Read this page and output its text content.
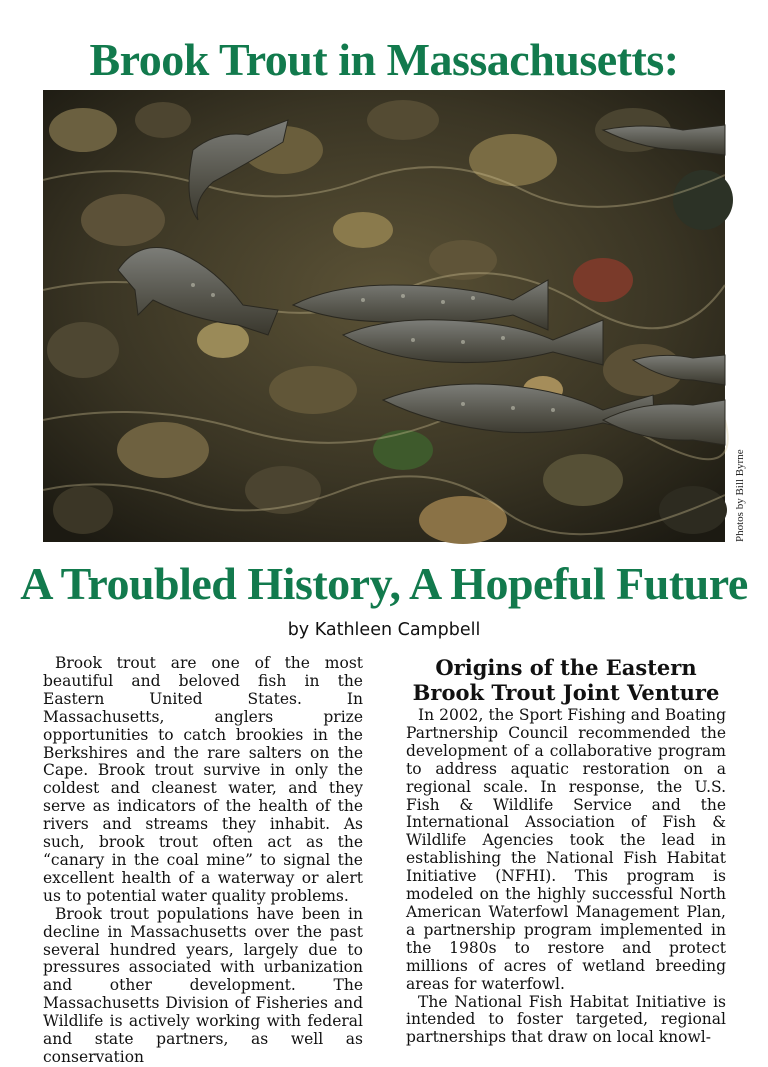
Brook Trout in Massachusetts:
Photos by Bill Byrne
A Troubled History, A Hopeful Future
by Kathleen Campbell

Brook trout are one of the most beautiful and beloved fish in the Eastern United States. In Massachusetts, anglers prize opportunities to catch brookies in the Berkshires and the rare salters on the Cape. Brook trout survive in only the coldest and cleanest water, and they serve as indicators of the health of the rivers and streams they inhabit. As such, brook trout often act as the “canary in the coal mine” to signal the excellent health of a waterway or alert us to potential water quality problems.

Brook trout populations have been in decline in Massachusetts over the past several hundred years, largely due to pressures associated with urbanization and other development. The Massachusetts Division of Fisheries and Wildlife is actively working with federal and state partners, as well as conservation

Origins of the Eastern Brook Trout Joint Venture

In 2002, the Sport Fishing and Boating Partnership Council recommended the development of a collaborative program to address aquatic restoration on a regional scale. In response, the U.S. Fish & Wildlife Service and the International Association of Fish & Wildlife Agencies took the lead in establishing the National Fish Habitat Initiative (NFHI). This program is modeled on the highly successful North American Waterfowl Management Plan, a partnership program implemented in the 1980s to restore and protect millions of acres of wetland breeding areas for waterfowl.

The National Fish Habitat Initiative is intended to foster targeted, regional partnerships that draw on local knowl-
